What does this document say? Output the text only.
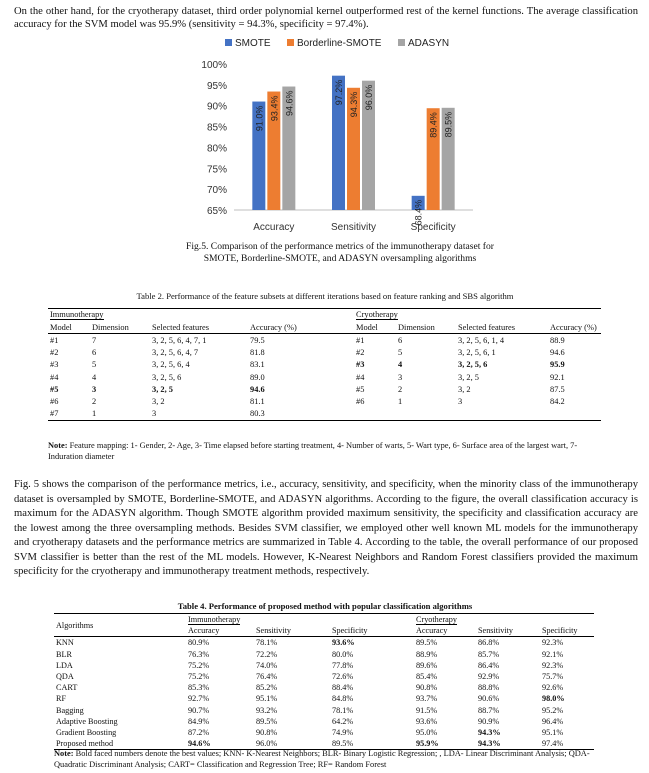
On the other hand, for the cryotherapy dataset, third order polynomial kernel outperformed rest of the kernel functions. The average classification accuracy for the SVM model was 95.9% (sensitivity = 94.3%, specificity = 97.4%).

SMOTE	Borderline-SMOTE	ADASYN
65%
70%
75%
80%
85%
90%
95%
100%
91.0% 93.4% 94.6%
Accuracy
97.2% 94.3% 96.0%
Sensitivity
68.4%
89.4% 89.5%
Specificity
Fig.5. Comparison of the performance metrics of the immunotherapy dataset for SMOTE, Borderline-SMOTE, and ADASYN oversampling algorithms
Table 2. Performance of the feature subsets at different iterations based on feature ranking and SBS algorithm
Immunotherapy					Cryotherapy			
Model	Dimension	Selected features	Accuracy (%)		Model	Dimension	Selected features	Accuracy (%)
#1	7	3, 2, 5, 6, 4, 7, 1	79.5		#1	6	3, 2, 5, 6, 1, 4	88.9
#2	6	3, 2, 5, 6, 4, 7	81.8		#2	5	3, 2, 5, 6, 1	94.6
#3	5	3, 2, 5, 6, 4	83.1		#3	4	3, 2, 5, 6	95.9
#4	4	3, 2, 5, 6	89.0		#4	3	3, 2, 5	92.1
#5	3	3, 2, 5	94.6		#5	2	3, 2	87.5
#6	2	3, 2	81.1		#6	1	3	84.2
#7	1	3	80.3					
Note: Feature mapping: 1- Gender, 2- Age, 3- Time elapsed before starting treatment, 4- Number of warts, 5- Wart type, 6- Surface area of the largest wart, 7- Induration diameter

Fig. 5 shows the comparison of the performance metrics, i.e., accuracy, sensitivity, and specificity, when the minority class of the immunotherapy dataset is oversampled by SMOTE, Borderline-SMOTE, and ADASYN algorithms. According to the figure, the overall classification accuracy is maximum for the ADASYN algorithm. Though SMOTE algorithm provided maximum sensitivity, the specificity and classification accuracy are the lowest among the three oversampling methods. Besides SVM classifier, we employed other well known ML models for the immunotherapy and cryotherapy datasets and the performance metrics are summarized in Table 4. According to the table, the overall performance of our proposed SVM classifier is better than the rest of the ML models. However, K-Nearest Neighbors and Random Forest classifiers provided the maximum specificity for the cryotherapy and immunotherapy treatment methods, respectively.

Table 4. Performance of proposed method with popular classification algorithms
Algorithms	Immunotherapy			Cryotherapy		
	Accuracy	Sensitivity	Specificity	Accuracy	Sensitivity	Specificity
KNN	80.9%	78.1%	93.6%	89.5%	86.8%	92.3%
BLR	76.3%	72.2%	80.0%	88.9%	85.7%	92.1%
LDA	75.2%	74.0%	77.8%	89.6%	86.4%	92.3%
QDA	75.2%	76.4%	72.6%	85.4%	92.9%	75.7%
CART	85.3%	85.2%	88.4%	90.8%	88.8%	92.6%
RF	92.7%	95.1%	84.8%	93.7%	90.6%	98.0%
Bagging	90.7%	93.2%	78.1%	91.5%	88.7%	95.2%
Adaptive Boosting	84.9%	89.5%	64.2%	93.6%	90.9%	96.4%
Gradient Boosting	87.2%	90.8%	74.9%	95.0%	94.3%	95.1%
Proposed method	94.6%	96.0%	89.5%	95.9%	94.3%	97.4%
Note: Bold faced numbers denote the best values; KNN- K-Nearest Neighbors; BLR- Binary Logistic Regression; , LDA- Linear Discriminant Analysis; QDA- Quadratic Discriminant Analysis; CART= Classification and Regression Tree; RF= Random Forest
